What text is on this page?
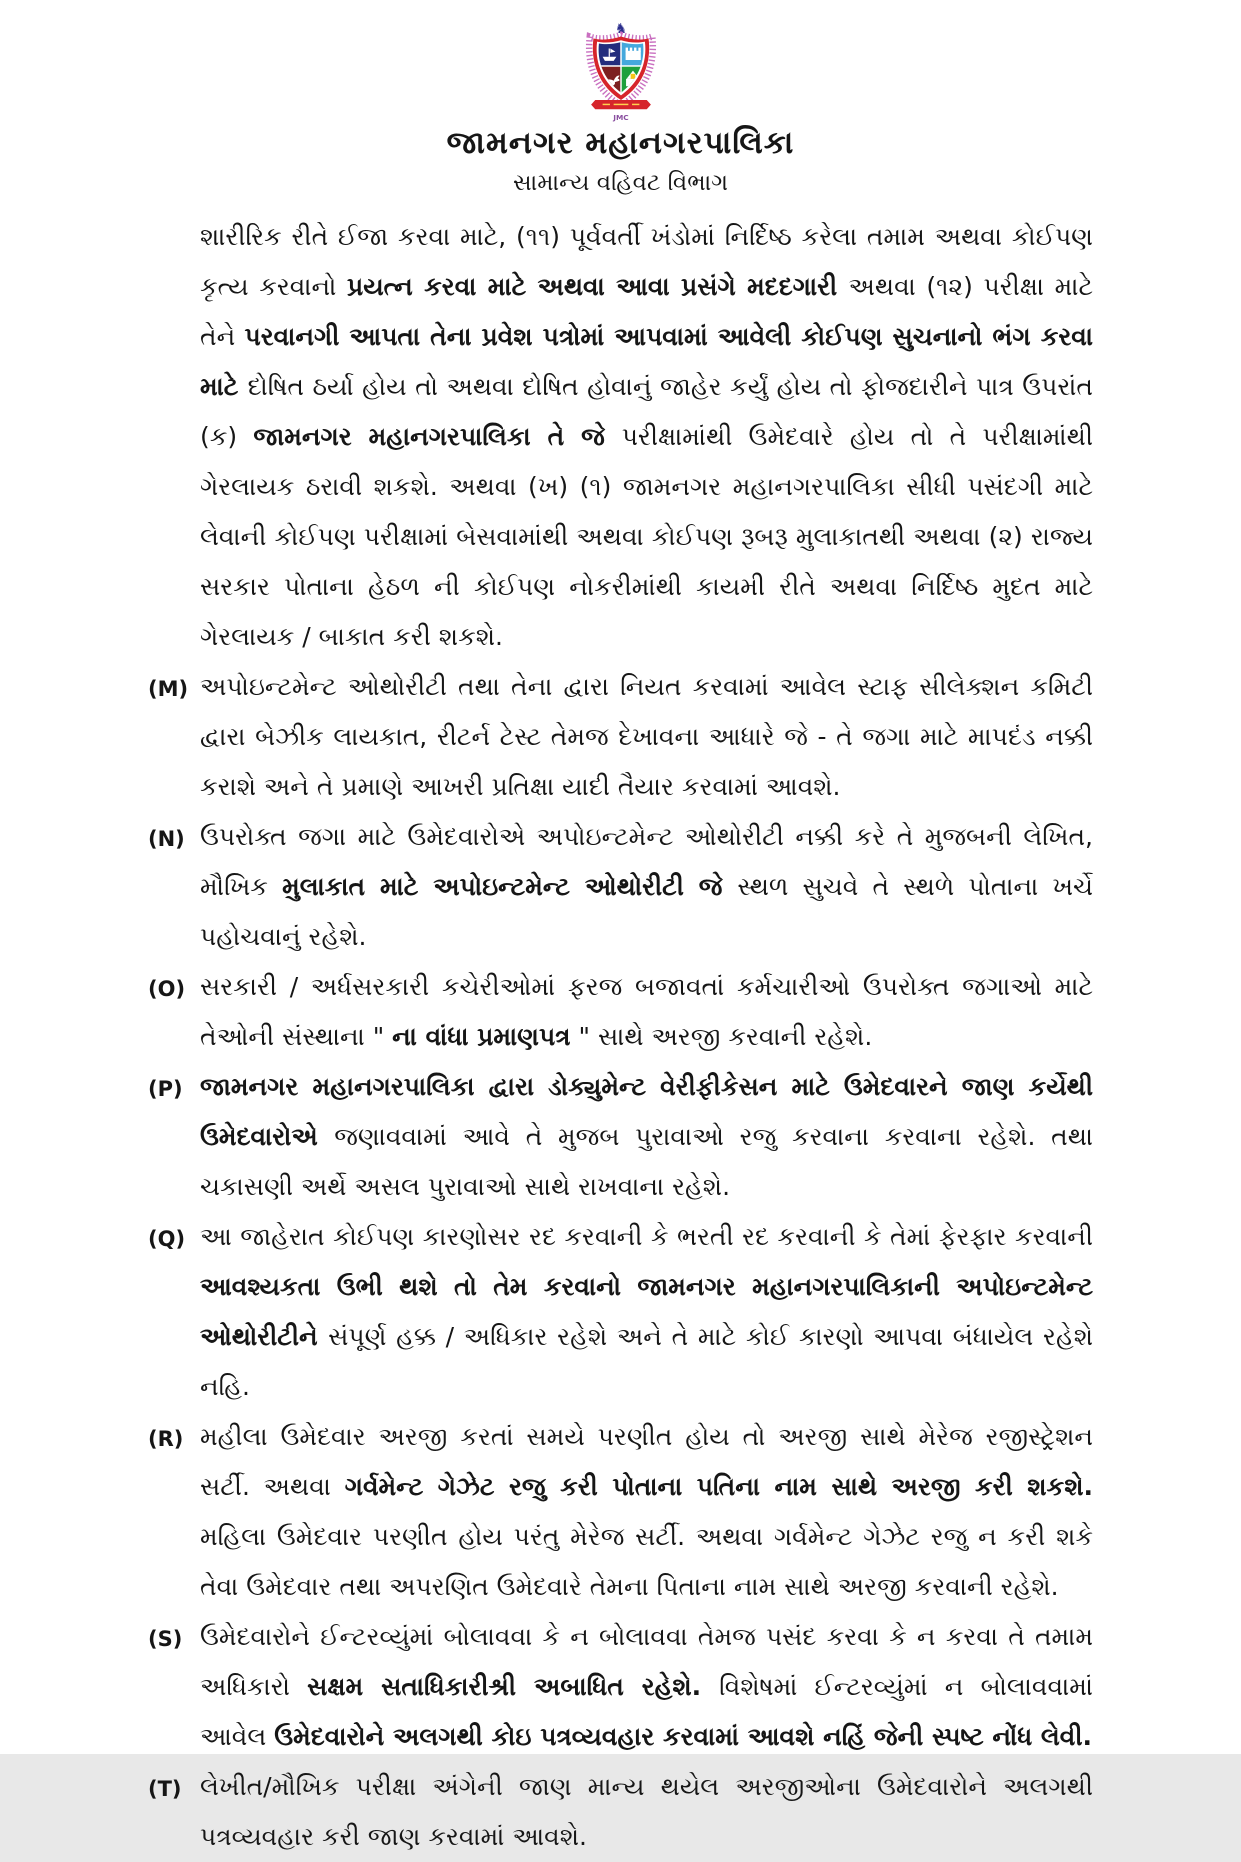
♞
JMC
જામનગર મહાનગરપાલિકા
સામાન્ય વહિવટ વિભાગ
શારીરિક રીતે ઈજા કરવા માટે, (૧૧) પૂર્વવર્તી ખંડોમાં નિર્દિષ્ઠ કરેલા તમામ અથવા કોઈપણ કૃત્ય કરવાનો પ્રયત્ન કરવા માટે અથવા આવા પ્રસંગે મદદગારી અથવા (૧૨) પરીક્ષા માટે તેને પરવાનગી આપતા તેના પ્રવેશ પત્રોમાં આપવામાં આવેલી કોઈપણ સુચનાનો ભંગ કરવા માટે દોષિત ઠર્યા હોય તો અથવા દોષિત હોવાનું જાહેર કર્યું હોય તો ફોજદારીને પાત્ર ઉપરાંત (ક) જામનગર મહાનગરપાલિકા તે જે પરીક્ષામાંથી ઉમેદવારે હોય તો તે પરીક્ષામાંથી ગેરલાયક ઠરાવી શકશે. અથવા (ખ) (૧) જામનગર મહાનગરપાલિકા સીધી પસંદગી માટે લેવાની કોઈપણ પરીક્ષામાં બેસવામાંથી અથવા કોઈપણ રૂબરૂ મુલાકાતથી અથવા (૨) રાજ્ય સરકાર પોતાના હેઠળ ની કોઈપણ નોકરીમાંથી કાયમી રીતે અથવા નિર્દિષ્ઠ મુદત માટે ગેરલાયક / બાકાત કરી શકશે.
(M) અપોઇન્ટમેન્ટ ઓથોરીટી તથા તેના દ્વારા નિયત કરવામાં આવેલ સ્ટાફ સીલેક્શન કમિટી દ્વારા બેઝીક લાયકાત, રીટર્ન ટેસ્ટ તેમજ દેખાવના આધારે જે - તે જગા માટે માપદંડ નક્કી કરાશે અને તે પ્રમાણે આખરી પ્રતિક્ષા યાદી તૈયાર કરવામાં આવશે.
(N) ઉપરોક્ત જગા માટે ઉમેદવારોએ અપોઇન્ટમેન્ટ ઓથોરીટી નક્કી કરે તે મુજબની લેખિત, મૌખિક મુલાકાત માટે અપોઇન્ટમેન્ટ ઓથોરીટી જે સ્થળ સુચવે તે સ્થળે પોતાના ખર્ચે પહોચવાનું રહેશે.
(O) સરકારી / અર્ધસરકારી કચેરીઓમાં ફરજ બજાવતાં કર્મચારીઓ ઉપરોક્ત જગાઓ માટે તેઓની સંસ્થાના " ના વાંધા પ્રમાણપત્ર " સાથે અરજી કરવાની રહેશે.
(P) જામનગર મહાનગરપાલિકા દ્વારા ડોક્યુમેન્ટ વેરીફીકેસન માટે ઉમેદવારને જાણ કર્યેથી ઉમેદવારોએ જણાવવામાં આવે તે મુજબ પુરાવાઓ રજુ કરવાના કરવાના રહેશે. તથા ચકાસણી અર્થે અસલ પુરાવાઓ સાથે રાખવાના રહેશે.
(Q) આ જાહેરાત કોઈપણ કારણોસર રદ કરવાની કે ભરતી રદ કરવાની કે તેમાં ફેરફાર કરવાની આવશ્યકતા ઉભી થશે તો તેમ કરવાનો જામનગર મહાનગરપાલિકાની અપોઇન્ટમેન્ટ ઓથોરીટીને સંપૂર્ણ હક્ક / અધિકાર રહેશે અને તે માટે કોઈ કારણો આપવા બંધાયેલ રહેશે નહિ.
(R) મહીલા ઉમેદવાર અરજી કરતાં સમયે પરણીત હોય તો અરજી સાથે મેરેજ રજીસ્ટ્રેશન સર્ટી. અથવા ગર્વમેન્ટ ગેઝેટ રજુ કરી પોતાના પતિના નામ સાથે અરજી કરી શકશે. મહિલા ઉમેદવાર પરણીત હોય પરંતુ મેરેજ સર્ટી. અથવા ગર્વમેન્ટ ગેઝેટ રજુ ન કરી શકે તેવા ઉમેદવાર તથા અપરણિત ઉમેદવારે તેમના પિતાના નામ સાથે અરજી કરવાની રહેશે.
(S) ઉમેદવારોને ઈન્ટરવ્યુંમાં બોલાવવા કે ન બોલાવવા તેમજ પસંદ કરવા કે ન કરવા તે તમામ અધિકારો સક્ષમ સતાધિકારીશ્રી અબાધિત રહેશે. વિશેષમાં ઈન્ટરવ્યુંમાં ન બોલાવવામાં આવેલ ઉમેદવારોને અલગથી કોઇ પત્રવ્યવહાર કરવામાં આવશે નહિં જેની સ્પષ્ટ નોંધ લેવી.
(T) લેખીત/મૌખિક પરીક્ષા અંગેની જાણ માન્ય થયેલ અરજીઓના ઉમેદવારોને અલગથી પત્રવ્યવહાર કરી જાણ કરવામાં આવશે.
